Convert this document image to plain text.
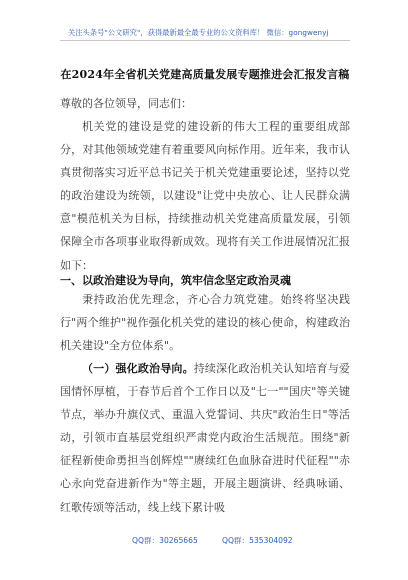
关注头条号"公文研究"，获得最新最全最专业的公文资料库！ 微信：gongwenyj
在2024年全省机关党建高质量发展专题推进会汇报发言稿
尊敬的各位领导，同志们：
机关党的建设是党的建设新的伟大工程的重要组成部分，对其他领域党建有着重要风向标作用。近年来，我市认真贯彻落实习近平总书记关于机关党建重要论述，坚持以党的政治建设为统领，以建设"让党中央放心、让人民群众满意"模范机关为目标，持续推动机关党建高质量发展，引领保障全市各项事业取得新成效。现将有关工作进展情况汇报如下：
一、以政治建设为导向，筑牢信念坚定政治灵魂
秉持政治优先理念，齐心合力筑党建。始终将坚决践行"两个维护"视作强化机关党的建设的核心使命，构建政治机关建设"全方位体系"。
（一）强化政治导向。持续深化政治机关认知培育与爱国情怀厚植，于春节后首个工作日以及"七一""国庆"等关键节点，举办升旗仪式、重温入党誓词、共庆"政治生日"等活动，引领市直基层党组织严肃党内政治生活规范。围绕"新征程新使命勇担当创辉煌""赓续红色血脉奋进时代征程""赤心永向党奋进新作为"等主题，开展主题演讲、经典咏诵、红歌传颂等活动，线上线下累计吸
QQ群：30265665	QQ群：535304092
